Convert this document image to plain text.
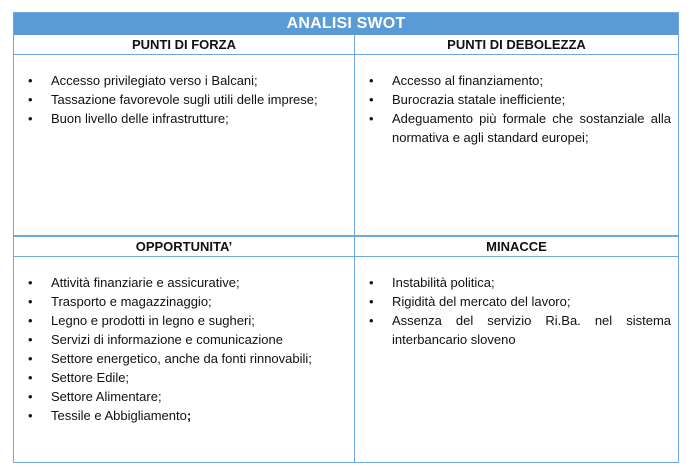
ANALISI SWOT
PUNTI DI FORZA	PUNTI DI DEBOLEZZA
• Accesso privilegiato verso i Balcani;
• Tassazione favorevole sugli utili delle imprese;
• Buon livello delle infrastrutture;
• Accesso al finanziamento;
• Burocrazia statale inefficiente;
• Adeguamento più formale che sostanziale alla normativa e agli standard europei;
OPPORTUNITA’	MINACCE
• Attività finanziarie e assicurative;
• Trasporto e magazzinaggio;
• Legno e prodotti in legno e sugheri;
• Servizi di informazione e comunicazione
• Settore energetico, anche da fonti rinnovabili;
• Settore Edile;
• Settore Alimentare;
• Tessile e Abbigliamento;
• Instabilità politica;
• Rigidità del mercato del lavoro;
• Assenza del servizio Ri.Ba. nel sistema interbancario sloveno
